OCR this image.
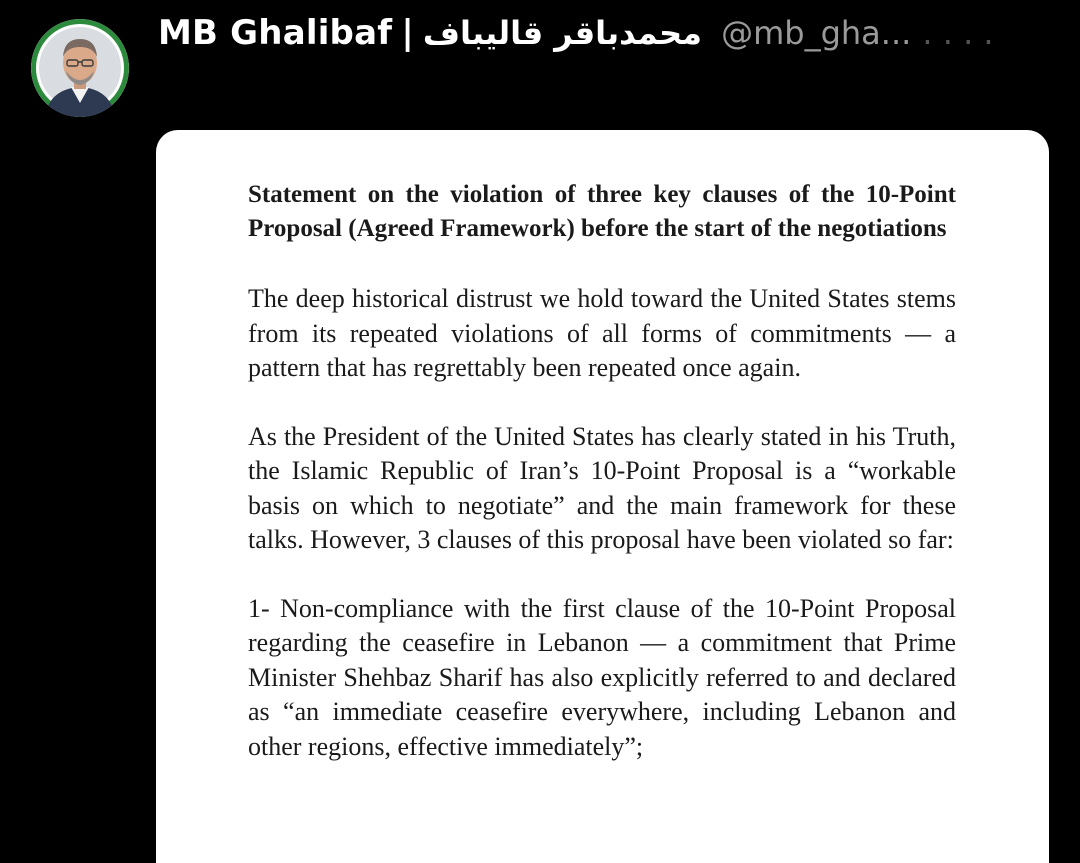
MB Ghalibaf | محمدباقر قالیباف @mb_gha... . . . .

Statement on the violation of three key clauses of the 10-Point Proposal (Agreed Framework) before the start of the negotiations

The deep historical distrust we hold toward the United States stems from its repeated violations of all forms of commitments — a pattern that has regrettably been repeated once again.

As the President of the United States has clearly stated in his Truth, the Islamic Republic of Iran’s 10-Point Proposal is a “workable basis on which to negotiate” and the main framework for these talks. However, 3 clauses of this proposal have been violated so far:

1- Non-compliance with the first clause of the 10-Point Proposal regarding the ceasefire in Lebanon — a commitment that Prime Minister Shehbaz Sharif has also explicitly referred to and declared as “an immediate ceasefire everywhere, including Lebanon and other regions, effective immediately”;
